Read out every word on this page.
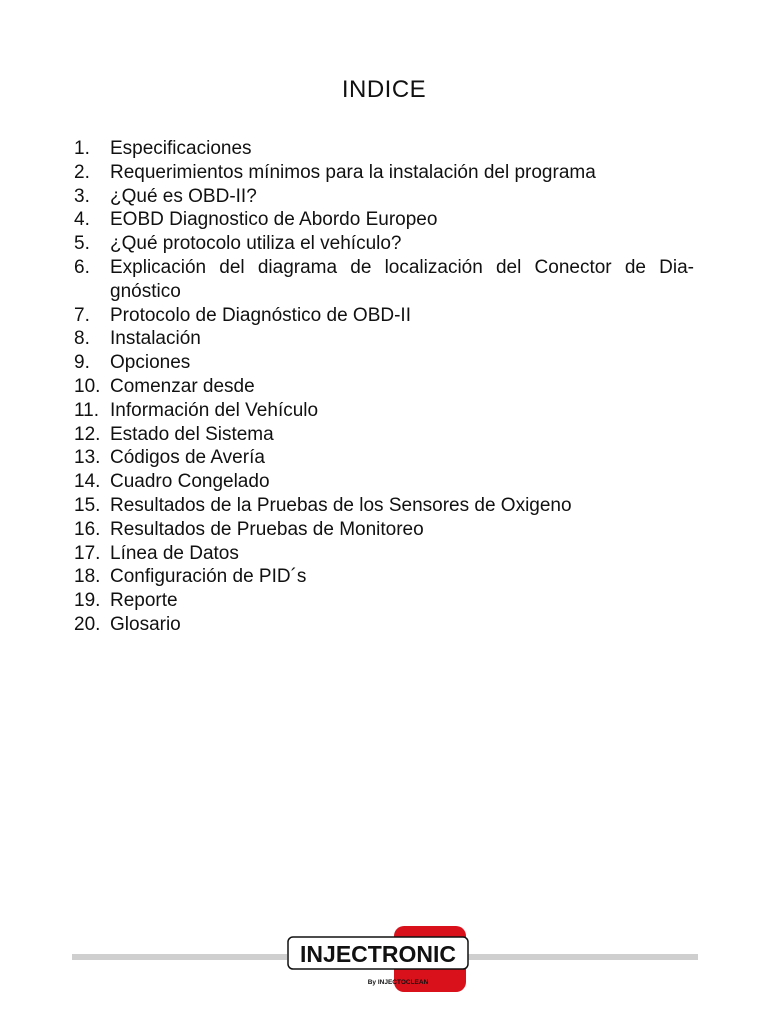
INDICE
1.	Especificaciones
2.	Requerimientos mínimos para la instalación del programa
3.	¿Qué es OBD-II?
4.	EOBD Diagnostico de Abordo Europeo
5.	¿Qué protocolo utiliza el vehículo?
6.	Explicación del diagrama de localización del Conector de Dia-gnóstico
7.	Protocolo de Diagnóstico de OBD-II
8.	Instalación
9.	Opciones
10. Comenzar desde
11. Información del Vehículo
12. Estado del Sistema
13. Códigos de Avería
14. Cuadro Congelado
15. Resultados de la Pruebas de los Sensores de Oxigeno
16. Resultados de Pruebas de Monitoreo
17. Línea de Datos
18. Configuración de PID´s
19. Reporte
20. Glosario
INJECTRONIC
By INJECTOCLEAN
